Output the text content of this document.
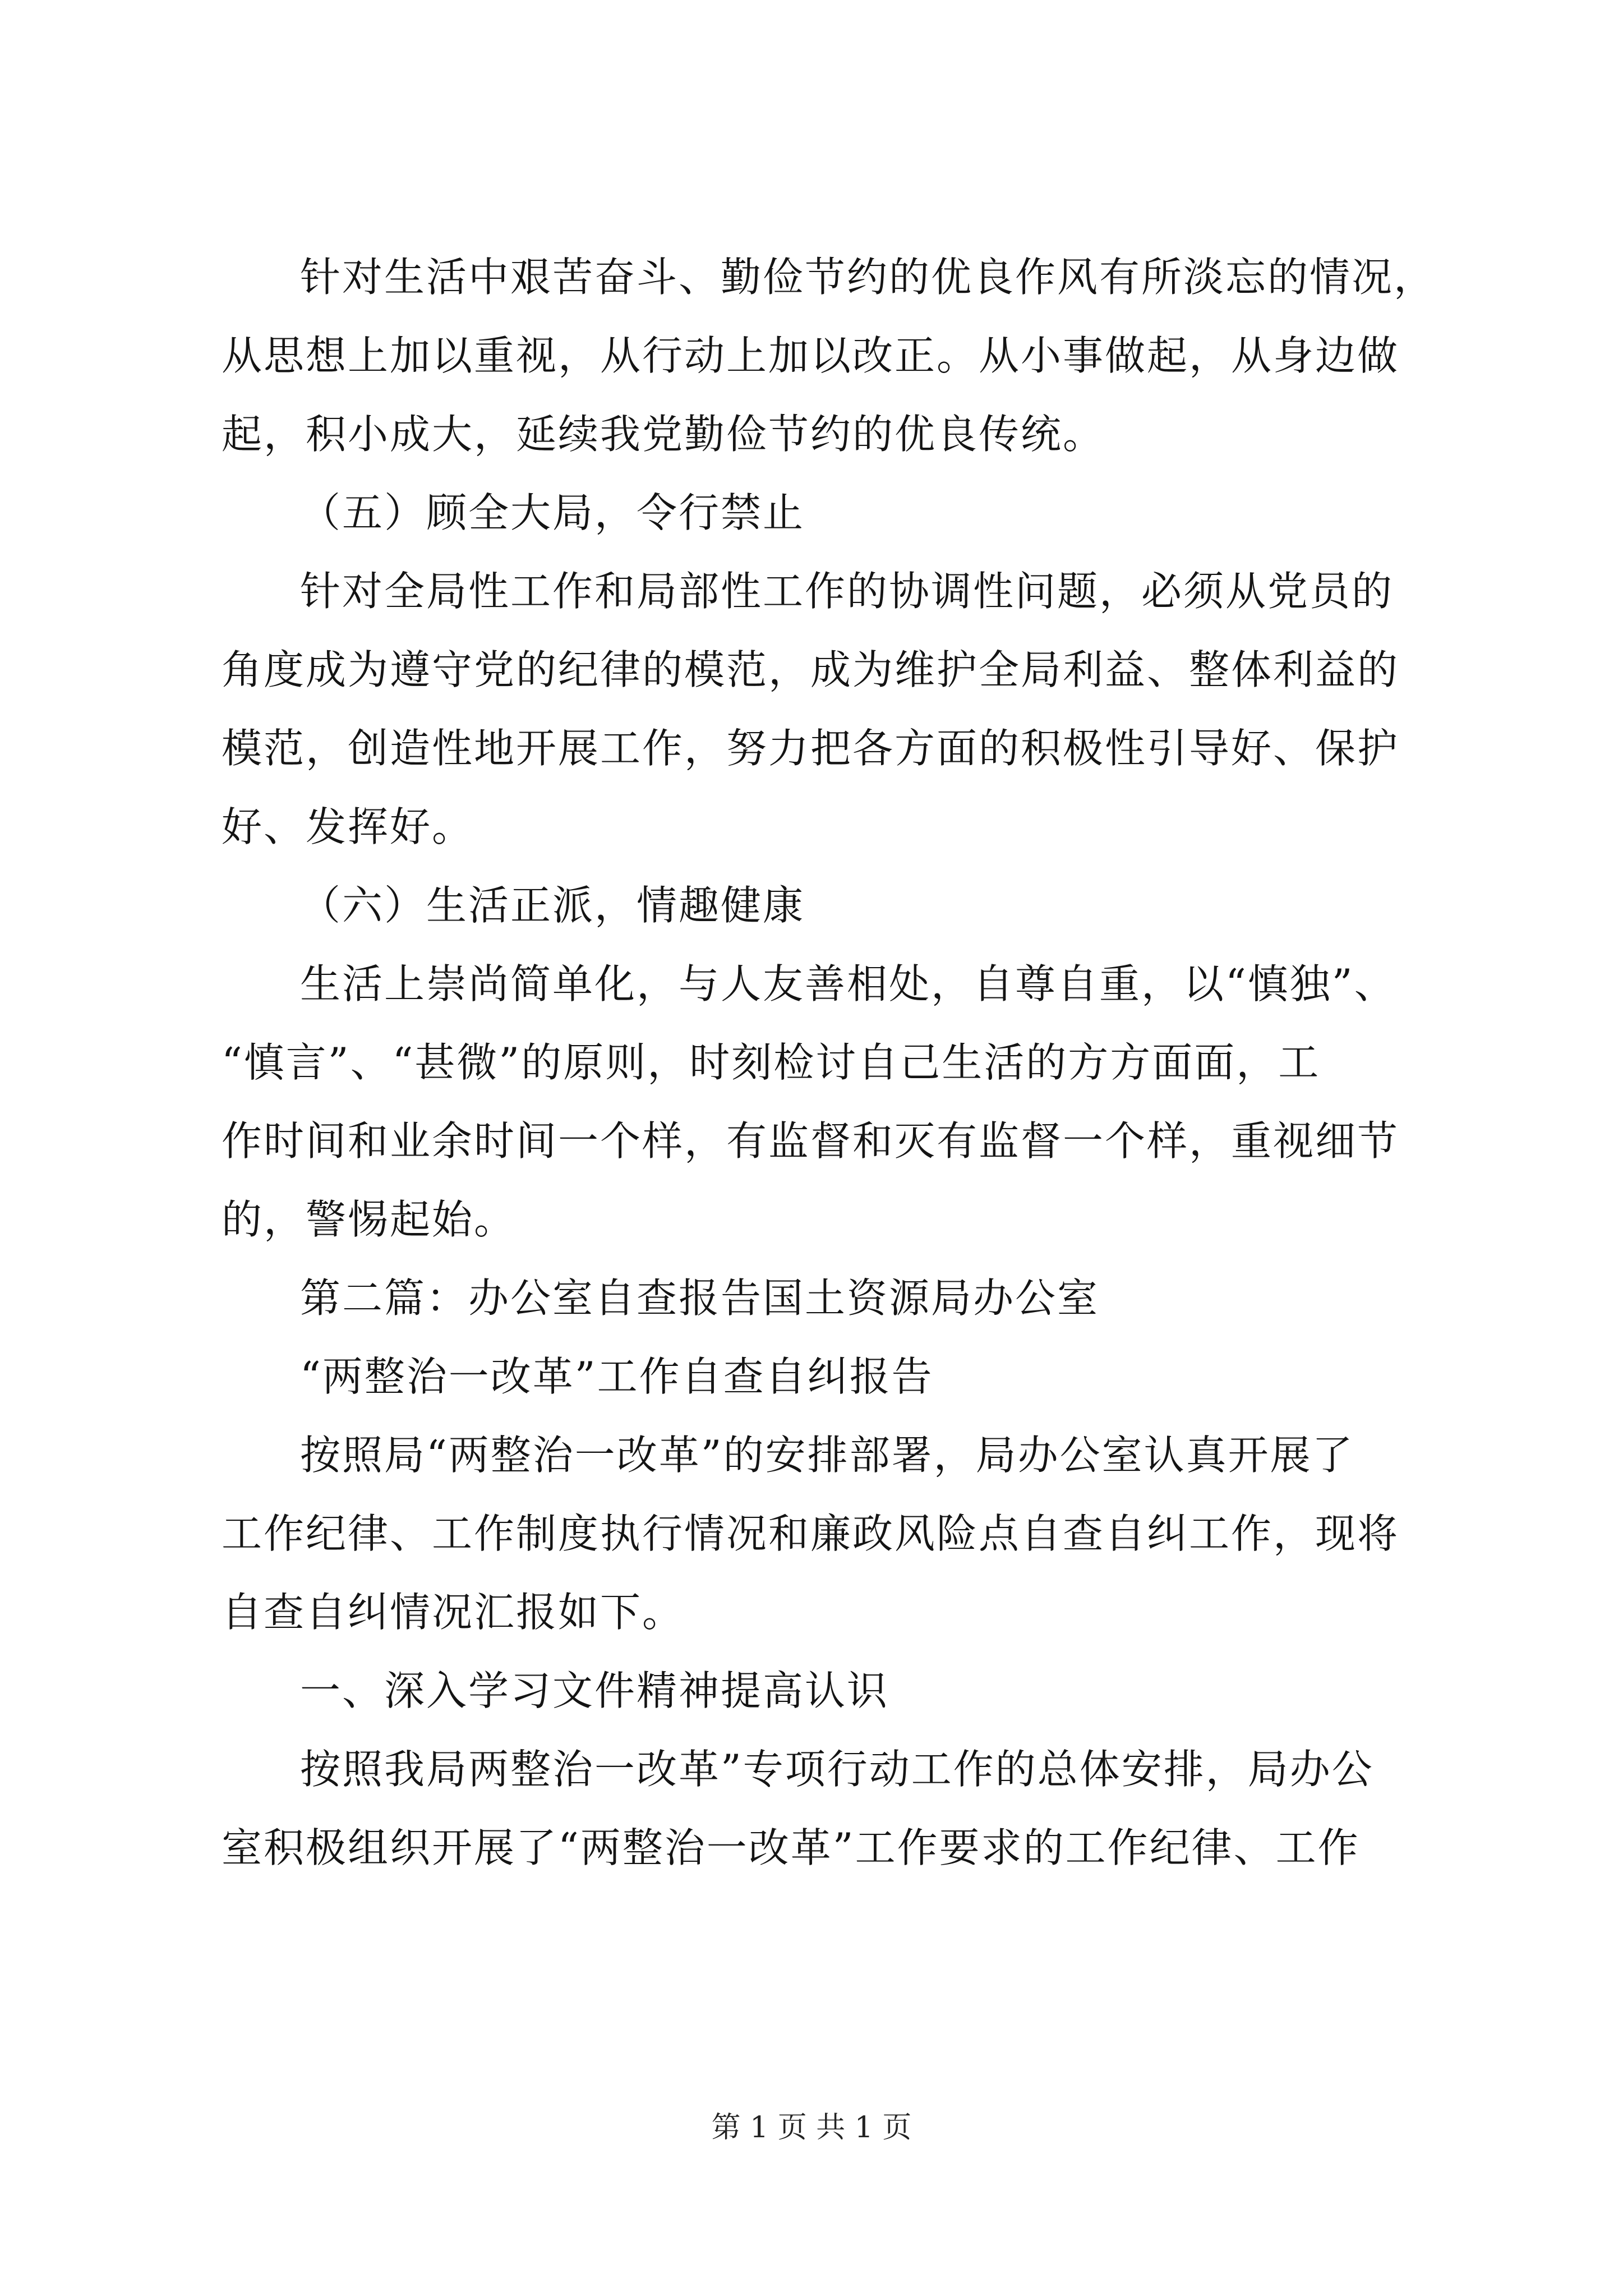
针对生活中艰苦奋斗、勤俭节约的优良作风有所淡忘的情况，
从思想上加以重视，从行动上加以改正。从小事做起，从身边做
起，积小成大，延续我党勤俭节约的优良传统。
（五）顾全大局，令行禁止
针对全局性工作和局部性工作的协调性问题，必须从党员的
角度成为遵守党的纪律的模范，成为维护全局利益、整体利益的
模范，创造性地开展工作，努力把各方面的积极性引导好、保护
好、发挥好。
（六）生活正派，情趣健康
生活上崇尚简单化，与人友善相处，自尊自重，以“慎独”、
“慎言”、“甚微”的原则，时刻检讨自己生活的方方面面，工
作时间和业余时间一个样，有监督和灭有监督一个样，重视细节
的，警惕起始。
第二篇：办公室自查报告国土资源局办公室
“两整治一改革”工作自查自纠报告
按照局“两整治一改革”的安排部署，局办公室认真开展了
工作纪律、工作制度执行情况和廉政风险点自查自纠工作，现将
自查自纠情况汇报如下。
一、深入学习文件精神提高认识
按照我局两整治一改革”专项行动工作的总体安排，局办公
室积极组织开展了“两整治一改革”工作要求的工作纪律、工作
第 1 页 共 1 页
